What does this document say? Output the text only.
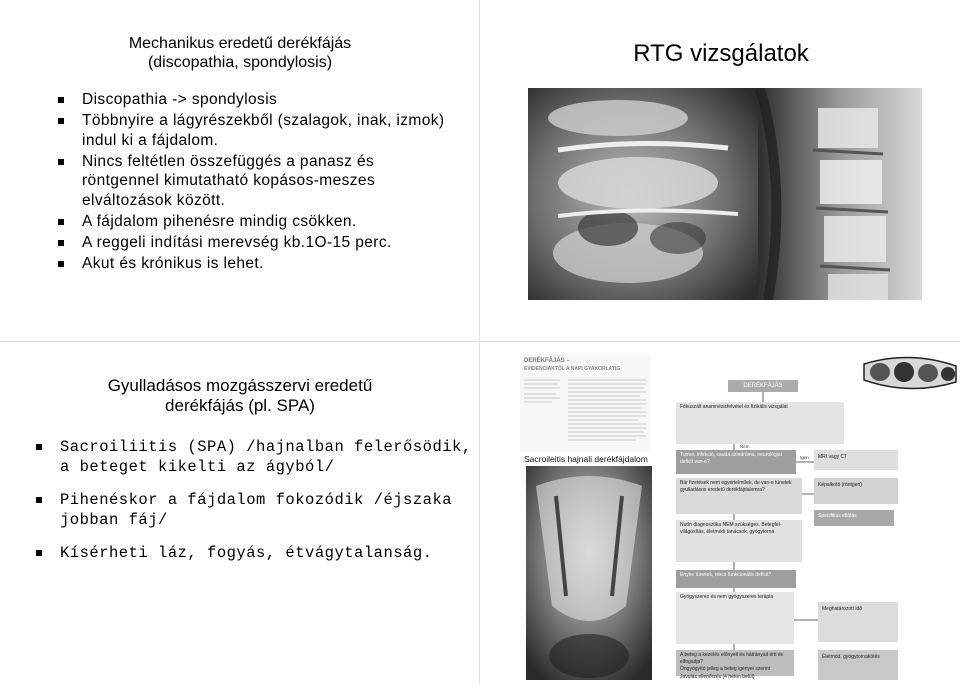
Mechanikus eredetű derékfájás
(discopathia, spondylosis)
Discopathia -> spondylosis
Többnyire a lágyrészekből (szalagok, inak, izmok) indul ki a fájdalom.
Nincs feltétlen összefüggés a panasz és röntgennel kimutatható kopásos-meszes elváltozások között.
A fájdalom pihenésre mindig csökken.
A reggeli indítási merevség kb.1O-15 perc.
Akut és krónikus is lehet.
RTG vizsgálatok
Gyulladásos mozgásszervi eredetű
derékfájás (pl. SPA)
Sacroiliitis (SPA) /hajnalban felerősödik, a beteget kikelti az ágyból/
Pihenéskor a fájdalom fokozódik /éjszaka jobban fáj/
Kísérheti láz, fogyás, étvágytalanság.
DERÉKFÁJÁS –
EVIDENCIÁKTÓL A NAPI GYAKORLATIG
Sacroileitis hajnali derékfájdalom
DERÉKFÁJÁS
Fókuszált anamnézisfelvétel és fizikális vizsgálat
Tumor, infekció, cauda szindróma, neurológiai deficit van-e?
Bár fizetések nem egyértelműek, de van-e tünetek gyulladásos eredetű derékfájdalomra?
Nutín diagnosztika NEM szükséges. Betegfel-világosítás, életmódi tanácsok, gyógytorna
Enyhe tünetek, nincs funkcionális deficit?
Gyógyszeres és nem gyógyszeres terápia
A beteg a kezelés előnyeit és hátrányait érti és elfogadja?
Öngyógyító jelleg a beteg igényei szerint
Javulás ellenőrzés (4 héten belül)
MRI vagy CT
Képalkotó (röntgen)
Specifikus ellátás
Meghatározott idő
Életmód, gyógytornakötés
Igen
Nem
